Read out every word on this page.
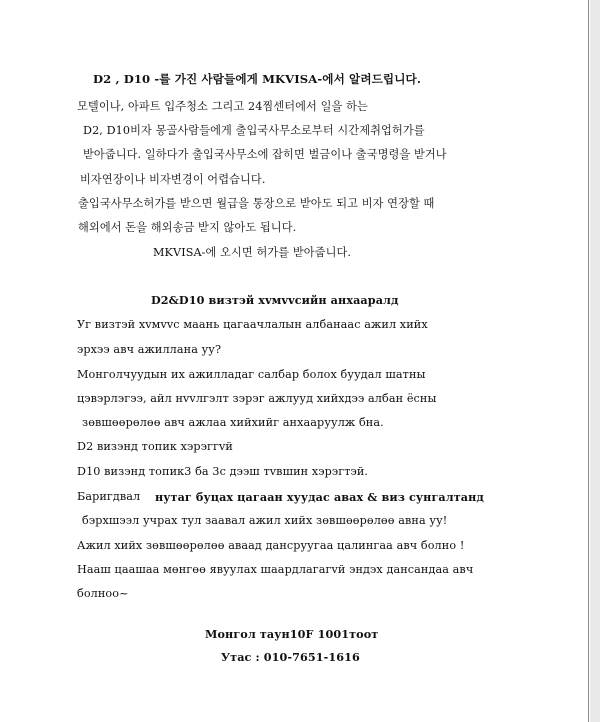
D2 , D10 -를 가진 사람들에게 MKVISA-에서 알려드립니다.
모텔이나, 아파트 입주청소 그리고 24찜센터에서 일을 하는
D2, D10비자 몽골사람들에게 출입국사무소로부터 시간제취업허가를
받아줍니다. 일하다가 출입국사무소에 잡히면 벌금이나 출국명령을 받거나
비자연장이나 비자변경이 어렵습니다.
출입국사무소허가를 받으면 월급을 통장으로 받아도 되고 비자 연장할 때
해외에서 돈을 해외송금 받지 않아도 됩니다.
MKVISA-에 오시면 허가를 받아줍니다.
D2&D10 визтэй хvмvvсийн анхааралд
Уг визтэй хvмvvс маань цагаачлалын албанаас ажил хийх
эрхээ авч ажиллана уу?
Монголчуудын их ажилладаг салбар болох буудал шатны
цэвэрлэгээ, айл нvvлгэлт зэрэг ажлууд хийхдээ албан ёсны
зөвшөөрөлөө авч ажлаа хийхийг анхааруулж бна.
D2 визэнд топик хэрэггvй
D10 визэнд топик3 ба 3с дээш тvвшин хэрэгтэй.
Баригдвал нутаг буцах цагаан хуудас авах & виз сунгалтанд
бэрхшээл учрах тул заавал ажил хийх зөвшөөрөлөө авна уу!
Ажил хийх зөвшөөрөлөө аваад дансруугаа цалингаа авч болно !
Нааш цаашаа мөнгөө явуулах шаардлагагvй эндэх дансандаа авч
болноо~
Монгол таун10F 1001тоот
Утас : 010-7651-1616
